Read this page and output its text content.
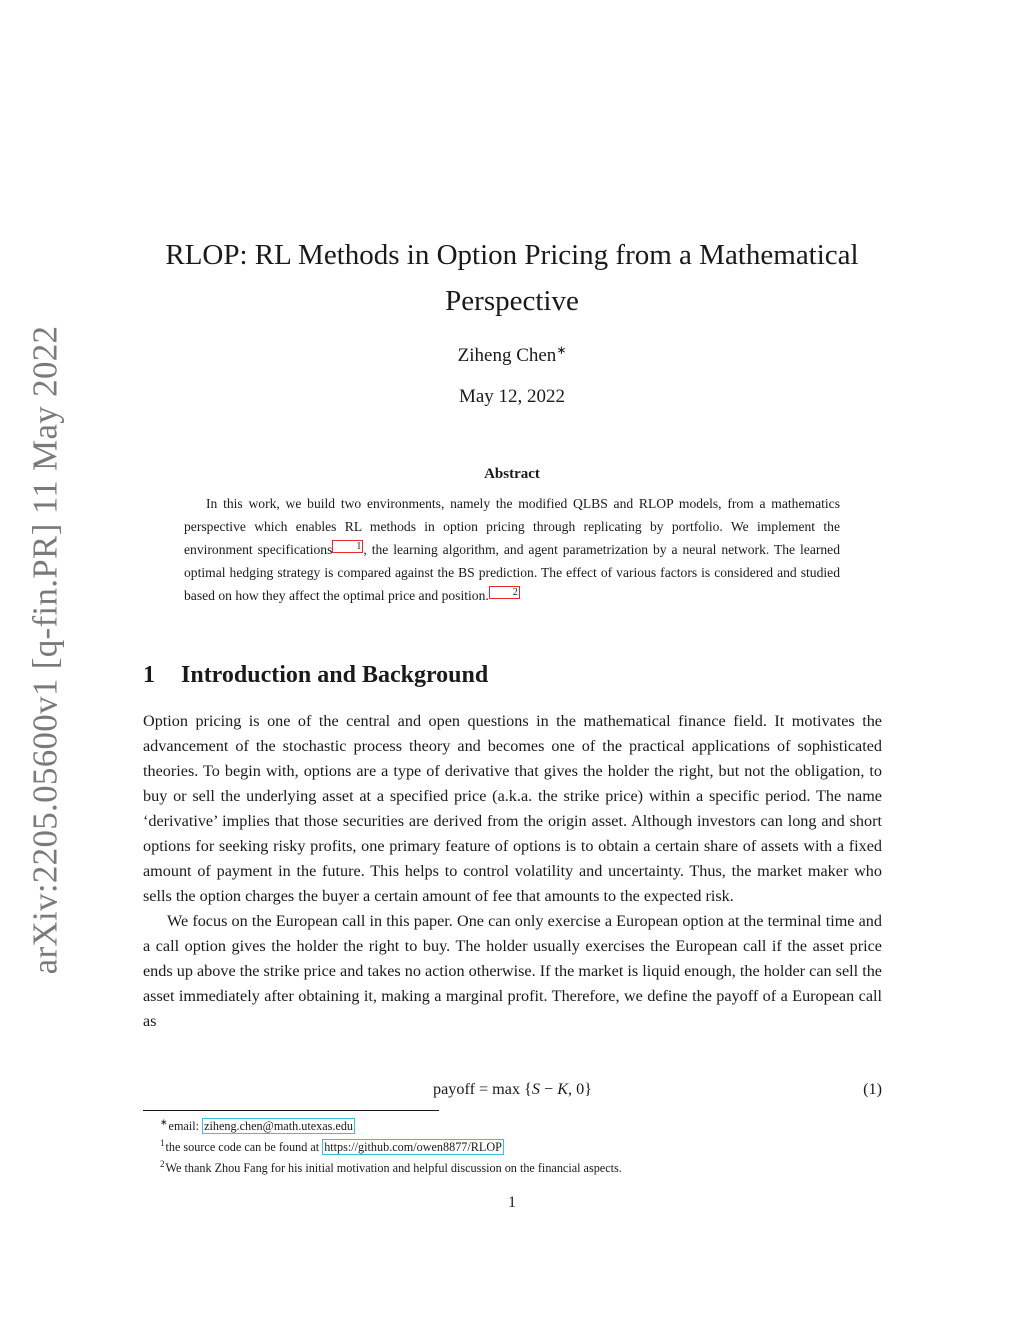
arXiv:2205.05600v1 [q-fin.PR] 11 May 2022
RLOP: RL Methods in Option Pricing from a Mathematical Perspective
Ziheng Chen∗
May 12, 2022
Abstract
In this work, we build two environments, namely the modified QLBS and RLOP models, from a mathematics perspective which enables RL methods in option pricing through replicating by portfolio. We implement the environment specifications 1 , the learning algorithm, and agent parametrization by a neural network. The learned optimal hedging strategy is compared against the BS prediction. The effect of various factors is considered and studied based on how they affect the optimal price and position. 2
1	Introduction and Background

Option pricing is one of the central and open questions in the mathematical finance field. It motivates the advancement of the stochastic process theory and becomes one of the practical applications of sophisticated theories. To begin with, options are a type of derivative that gives the holder the right, but not the obligation, to buy or sell the underlying asset at a specified price (a.k.a. the strike price) within a specific period. The name ‘derivative’ implies that those securities are derived from the origin asset. Although investors can long and short options for seeking risky profits, one primary feature of options is to obtain a certain share of assets with a fixed amount of payment in the future. This helps to control volatility and uncertainty. Thus, the market maker who sells the option charges the buyer a certain amount of fee that amounts to the expected risk.

We focus on the European call in this paper. One can only exercise a European option at the terminal time and a call option gives the holder the right to buy. The holder usually exercises the European call if the asset price ends up above the strike price and takes no action otherwise. If the market is liquid enough, the holder can sell the asset immediately after obtaining it, making a marginal profit. Therefore, we define the payoff of a European call as

payoff = max {S − K, 0}	(1)
∗email: ziheng.chen@math.utexas.edu
$^1$the source code can be found at https://github.com/owen8877/RLOP
$^2$We thank Zhou Fang for his initial motivation and helpful discussion on the financial aspects.
1
